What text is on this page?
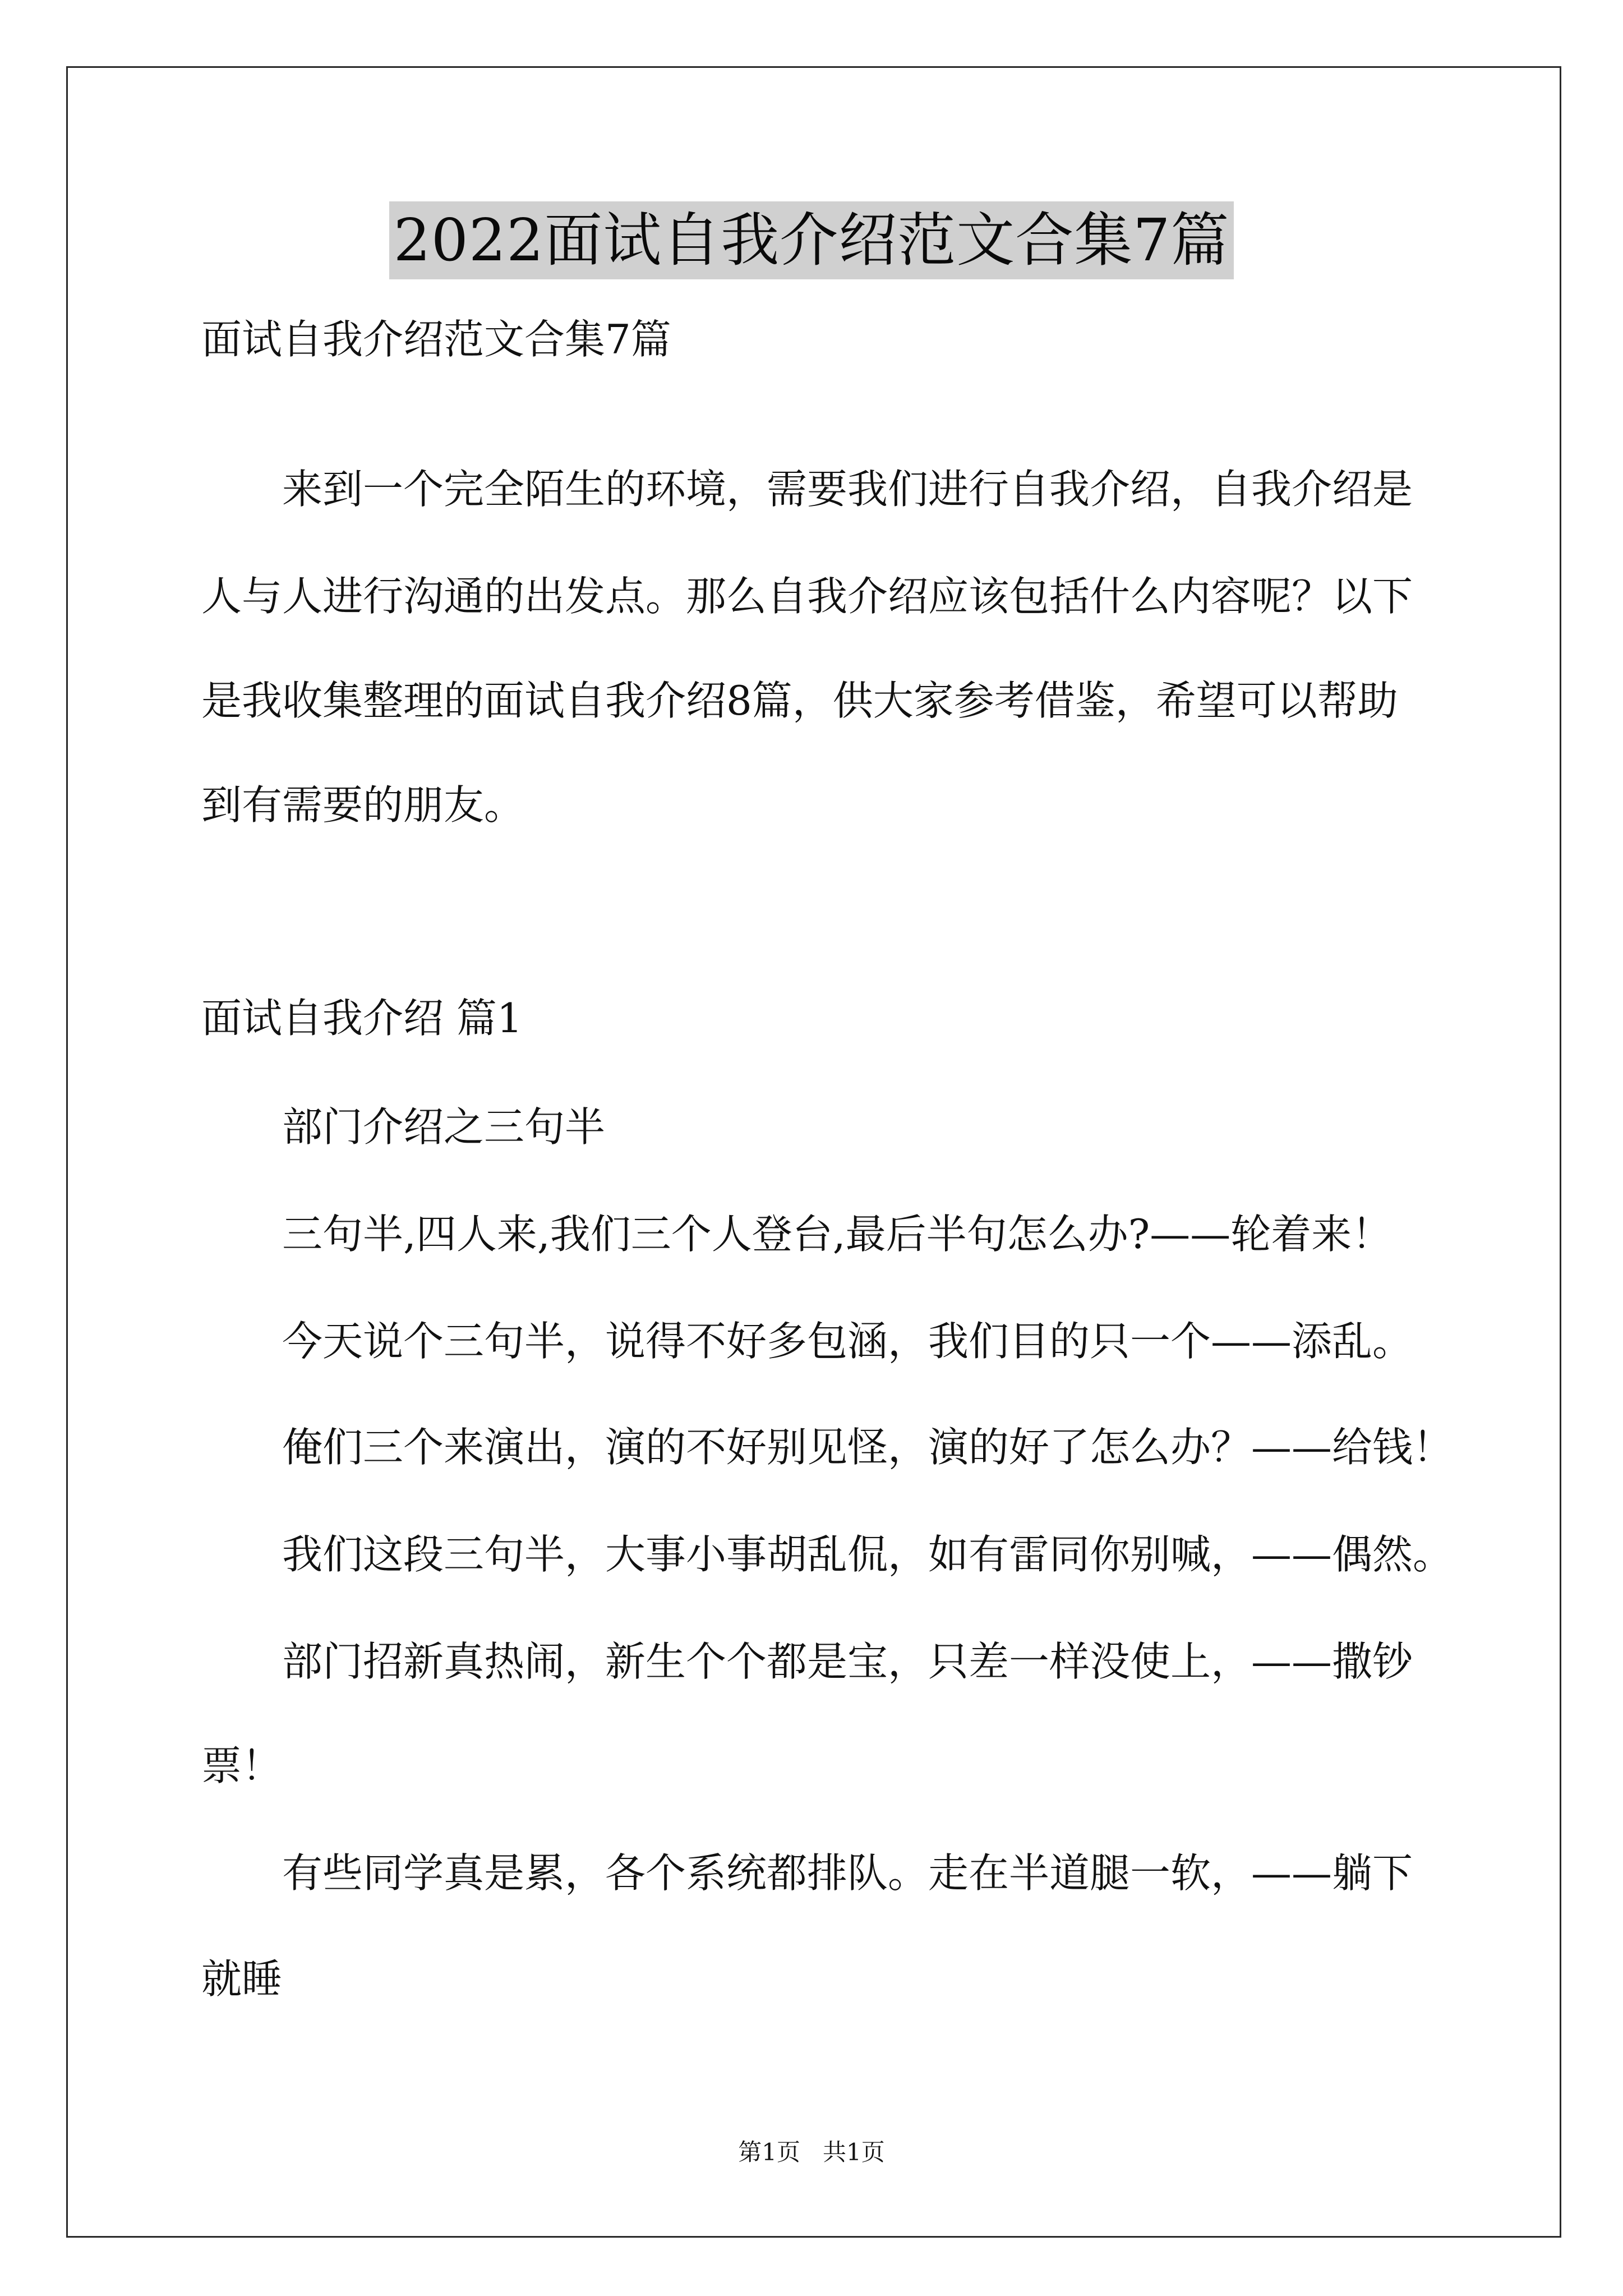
2022面试自我介绍范文合集7篇
面试自我介绍范文合集7篇
来到一个完全陌生的环境，需要我们进行自我介绍，自我介绍是
人与人进行沟通的出发点。那么自我介绍应该包括什么内容呢？以下
是我收集整理的面试自我介绍8篇，供大家参考借鉴，希望可以帮助
到有需要的朋友。
面试自我介绍 篇1
部门介绍之三句半
三句半,四人来,我们三个人登台,最后半句怎么办?——轮着来！
今天说个三句半，说得不好多包涵，我们目的只一个——添乱。
俺们三个来演出，演的不好别见怪，演的好了怎么办？——给钱！
我们这段三句半，大事小事胡乱侃，如有雷同你别喊，——偶然。
部门招新真热闹，新生个个都是宝，只差一样没使上，——撒钞
票！
有些同学真是累，各个系统都排队。走在半道腿一软，——躺下
就睡
第1页   共1页
